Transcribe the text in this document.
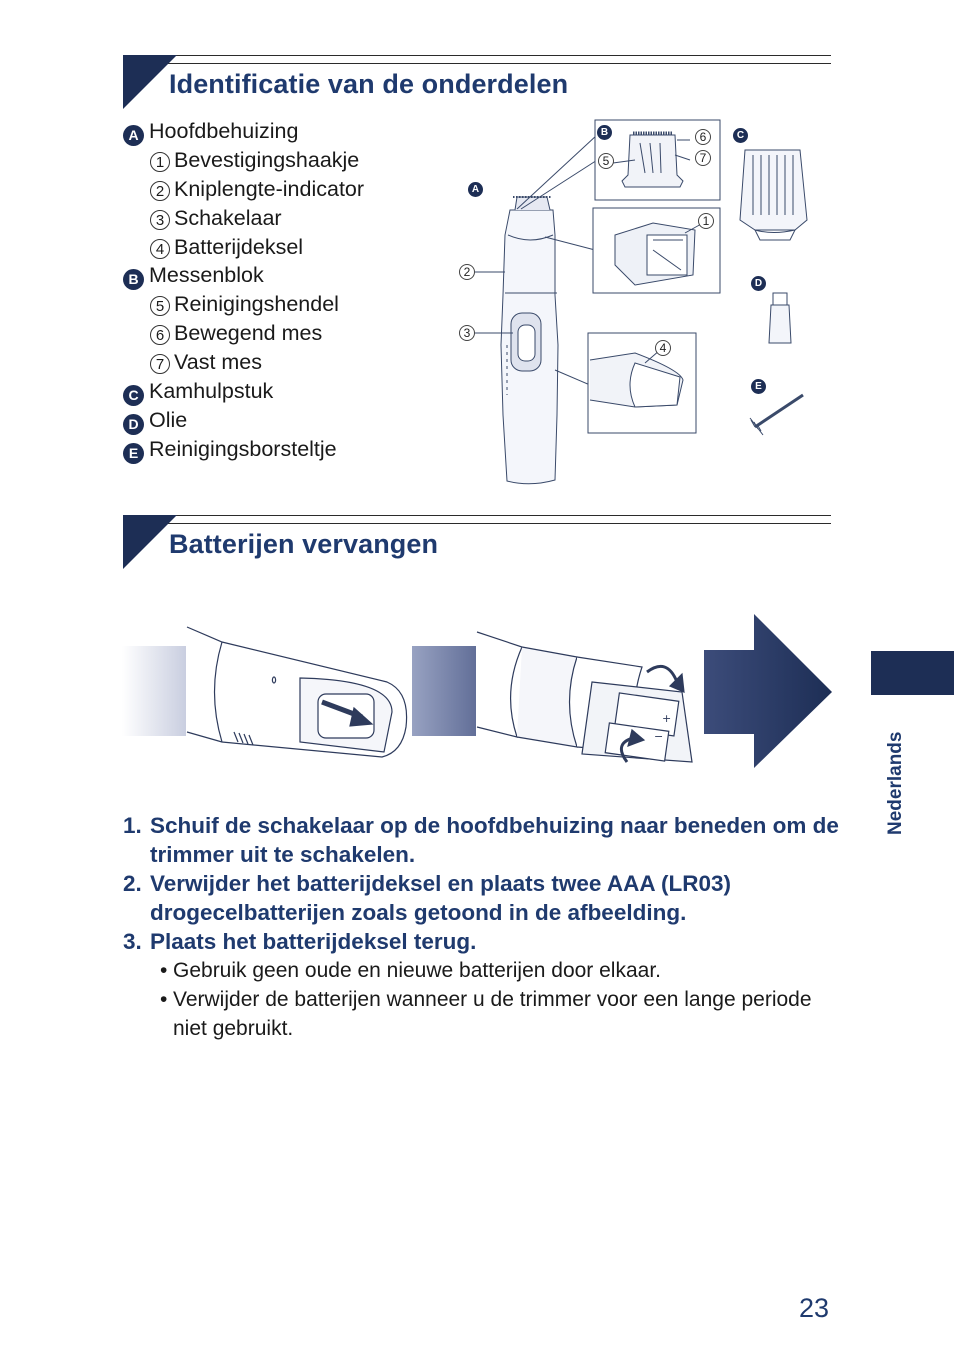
Identificatie van de onderdelen
A Hoofdbehuizing
1 Bevestigingshaakje
2 Kniplengte-indicator
3 Schakelaar
4 Batterijdeksel
B Messenblok
5 Reinigingshendel
6 Bewegend mes
7 Vast mes
C Kamhulpstuk
D Olie
E Reinigingsborsteltje
A
B	C
D
E
1
2
3
4
5
6
7
Batterijen vervangen
+
−
1. Schuif de schakelaar op de hoofdbehuizing naar beneden om de trimmer uit te schakelen.
2. Verwijder het batterijdeksel en plaats twee AAA (LR03) drogecelbatterijen zoals getoond in de afbeelding.
3. Plaats het batterijdeksel terug.
• Gebruik geen oude en nieuwe batterijen door elkaar.
• Verwijder de batterijen wanneer u de trimmer voor een lange periode niet gebruikt.
Nederlands
23
